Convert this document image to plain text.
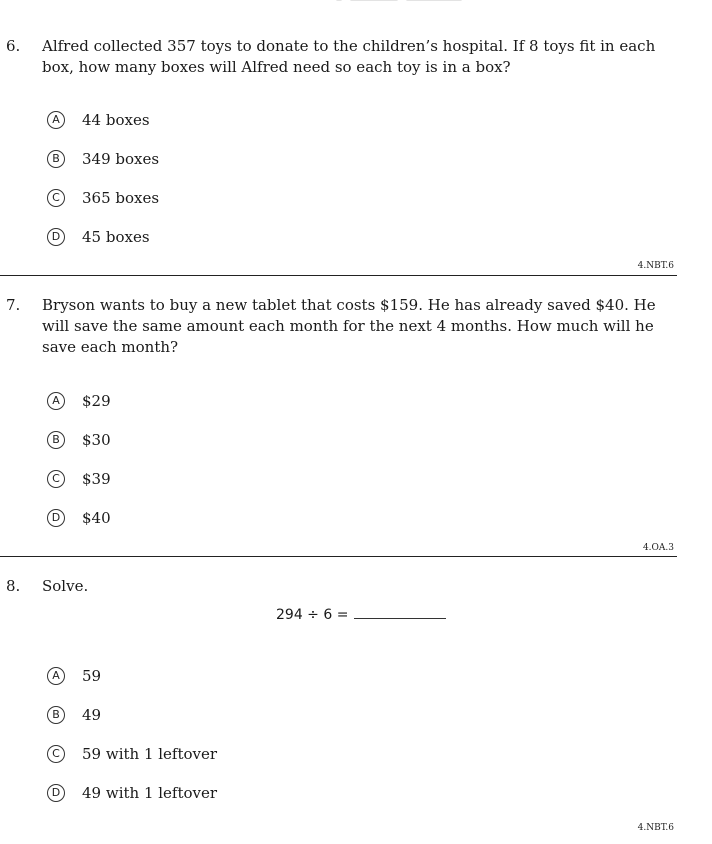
6. Alfred collected 357 toys to donate to the children’s hospital. If 8 toys fit in each box, how many boxes will Alfred need so each toy is in a box?
A	44 boxes
B	349 boxes
C	365 boxes
D	45 boxes
4.NBT.6
7. Bryson wants to buy a new tablet that costs $159. He has already saved $40. He will save the same amount each month for the next 4 months. How much will he save each month?
A	$29
B	$30
C	$39
D	$40
4.OA.3
8. Solve.
294 ÷ 6 =
A	59
B	49
C	59 with 1 leftover
D	49 with 1 leftover
4.NBT.6
